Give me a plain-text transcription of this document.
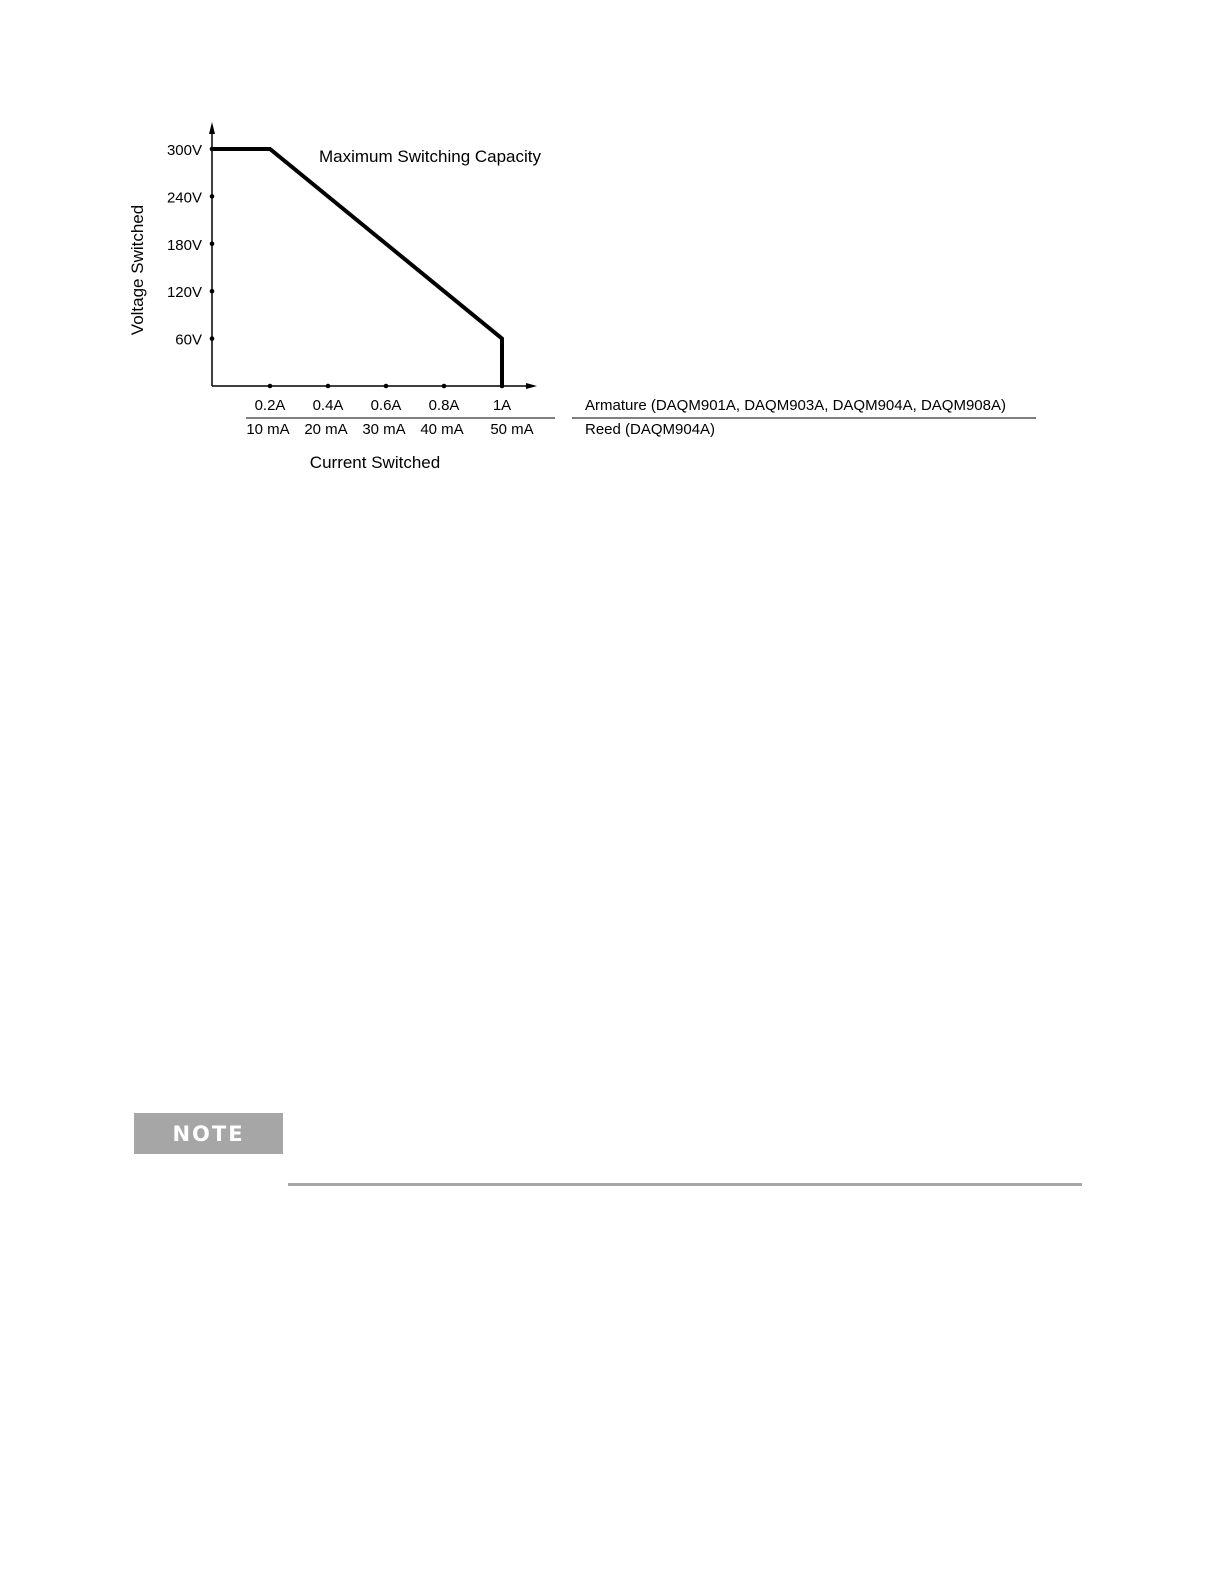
60V
120V
180V
240V
300V
0.2A 0.4A 0.6A 0.8A 1A
10 mA 20 mA 30 mA 40 mA 50 mA
Armature (DAQM901A, DAQM903A, DAQM904A, DAQM908A)
Reed (DAQM904A)
Maximum Switching Capacity
Current Switched
Voltage Switched
NOTE
